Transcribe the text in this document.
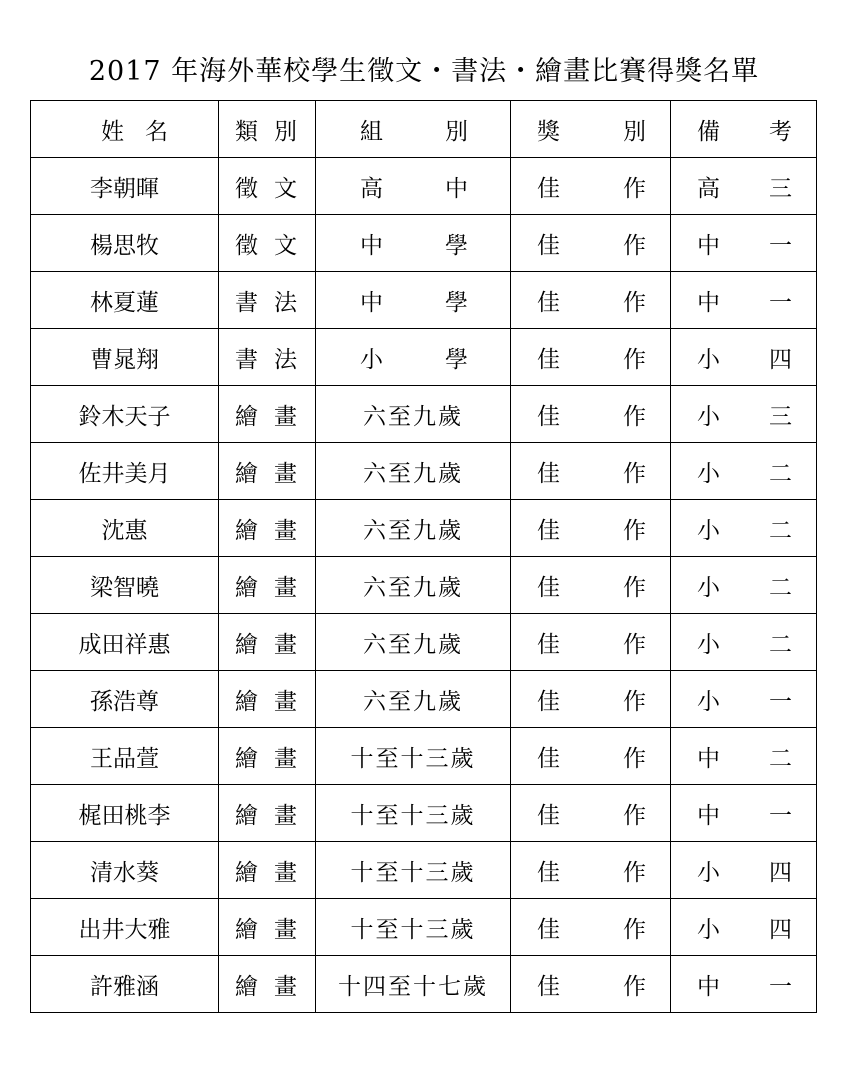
2017 年海外華校學生徵文・書法・繪畫比賽得獎名單
姓 名	類 別	組 別	獎 別	備 考

李朝暉	徵 文	高 中	佳 作	高 三

楊思牧	徵 文	中 學	佳 作	中 一

林夏蓮	書 法	中 學	佳 作	中 一

曹晁翔	書 法	小 學	佳 作	小 四

鈴木天子	繪 畫	六至九歲	佳 作	小 三

佐井美月	繪 畫	六至九歲	佳 作	小 二

沈惠	繪 畫	六至九歲	佳 作	小 二

梁智曉	繪 畫	六至九歲	佳 作	小 二

成田祥惠	繪 畫	六至九歲	佳 作	小 二

孫浩尊	繪 畫	六至九歲	佳 作	小 一

王品萱	繪 畫	十至十三歲	佳 作	中 二

梶田桃李	繪 畫	十至十三歲	佳 作	中 一

清水葵	繪 畫	十至十三歲	佳 作	小 四

出井大雅	繪 畫	十至十三歲	佳 作	小 四

許雅涵	繪 畫	十四至十七歲	佳 作	中 一
